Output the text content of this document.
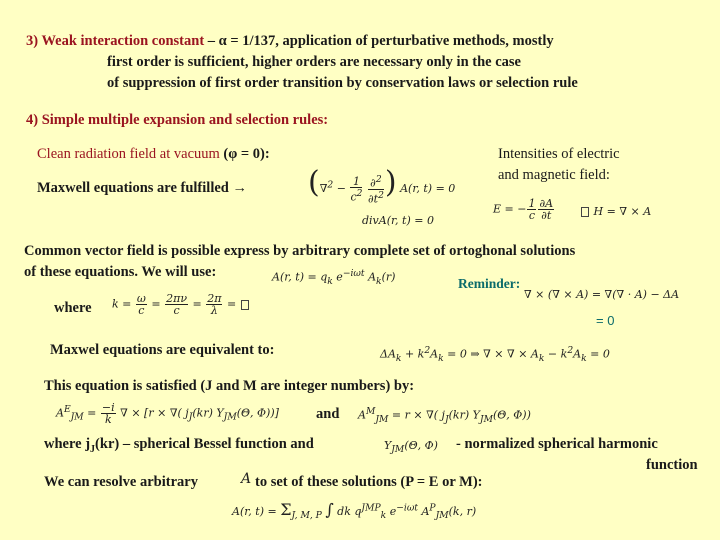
3) Weak interaction constant – α = 1/137, application of perturbative methods, mostly
first order is sufficient, higher orders are necessary only in the case
of suppression of first order transition by conservation laws or selection rule
4) Simple multiple expansion and selection rules:
Clean radiation field at vacuum (φ = 0):
Maxwell equations are fulfilled → ($\nabla^2 - \frac{1}{c^2}$
$\frac{\partial^2}{\partial t^2}$ ) A(r, t) = 0
divA(r, t) = 0
Intensities of electric
and magnetic field:
E = − $\frac{1}{c} \frac{\partial A}{\partial t}$	H = ∇ × A
Common vector field is possible express by arbitrary complete set of ortoghonal solutions
of these equations. We will use:	A(r, $t) = q_k$ $e^{-i\omega t}$ $A_k(r)$	Reminder:
∇ × (∇ × A) = ∇(∇ · A) − ΔA
= 0
where $k = \frac{\omega}{c} = \frac{2\pi\nu}{c} = \frac{2\pi}{\lambda}$ =
Maxwel equations are equivalent to:	$\Delta A_k + k^2A_k = 0$ ⇒ ∇ × ∇ × $A_k - k^2A_k = 0$
This equation is satisfied (J and M are integer numbers) by:
$A^E_{JM} = \frac{-i}{k}$ ∇ × [r × ∇( $j_J(kr)$ $Y_{JM}(\Theta$, Φ))]	and $A^M_{JM} = r$ × ∇( $j_J(kr)$ $Y_{JM}(\Theta$, Φ))
where $j_J(kr)$ – spherical Bessel function and	$Y_{JM}(\Theta$, Φ) - normalized spherical harmonic
function
We can resolve arbitrary	A to set of these solutions (P = E or M):
A(r, $t) = \Sigma_{J, M, P}$ ∫ dk $q^{JMP}_k$ $e^{-i\omega t}$ $A^P_{JM}(k$, r)
